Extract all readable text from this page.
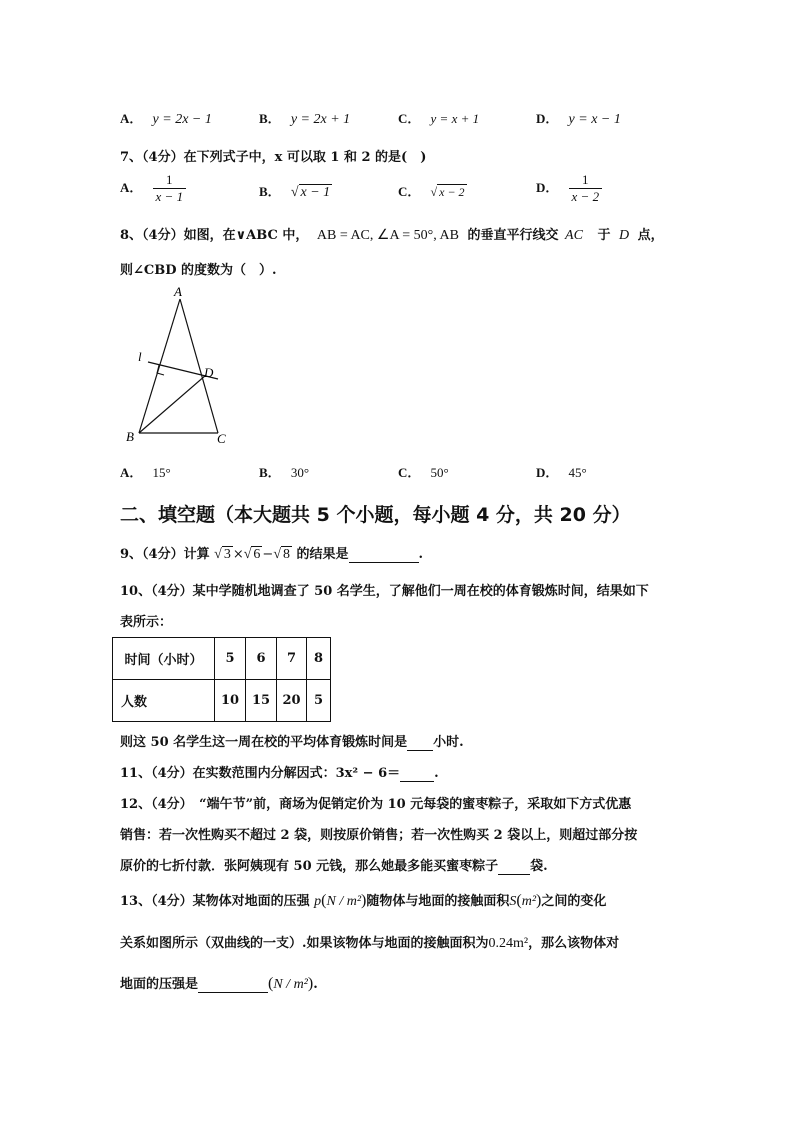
A． y = 2x − 1	B． y = 2x + 1	C． y = x + 1	D． y = x − 1
7、（4分）在下列式子中，x 可以取 1 和 2 的是(　)
A． $\frac{1}{x - 1}$	B． √ x − 1	C． √ x − 2	D． $\frac{1}{x - 2}$
8、（4分）如图，在∨ABC 中， AB = AC, ∠A = 50°, AB 的垂直平行线交 AC 于 D 点，
则∠CBD 的度数为（　）.
A
B	C
D
l
A． 15°	B． 30°	C． 50°	D． 45°
二、填空题（本大题共 5 个小题，每小题 4 分，共 20 分）
9、（4分）计算 √ 3 ×√ 6 −√ 8 的结果是	.
10、（4分）某中学随机地调查了 50 名学生，了解他们一周在校的体育锻炼时间，结果如下
表所示：
时间（小时）	5	6	7	8
人数	10	15	20	5
则这 50 名学生这一周在校的平均体育锻炼时间是 小时.
11、（4分）在实数范围内分解因式：3x² − 6＝	.
12、（4分）　“端午节”前，商场为促销定价为 10 元每袋的蜜枣粽子，采取如下方式优惠
销售：若一次性购买不超过 2 袋，则按原价销售；若一次性购买 2 袋以上，则超过部分按
原价的七折付款．张阿姨现有 50 元钱，那么她最多能买蜜枣粽子 袋.
13、（4分）某物体对地面的压强 p(N / m²)随物体与地面的接触面积S(m²)之间的变化
关系如图所示（双曲线的一支）.如果该物体与地面的接触面积为0.24m²，那么该物体对
地面的压强是	(N / m²).
